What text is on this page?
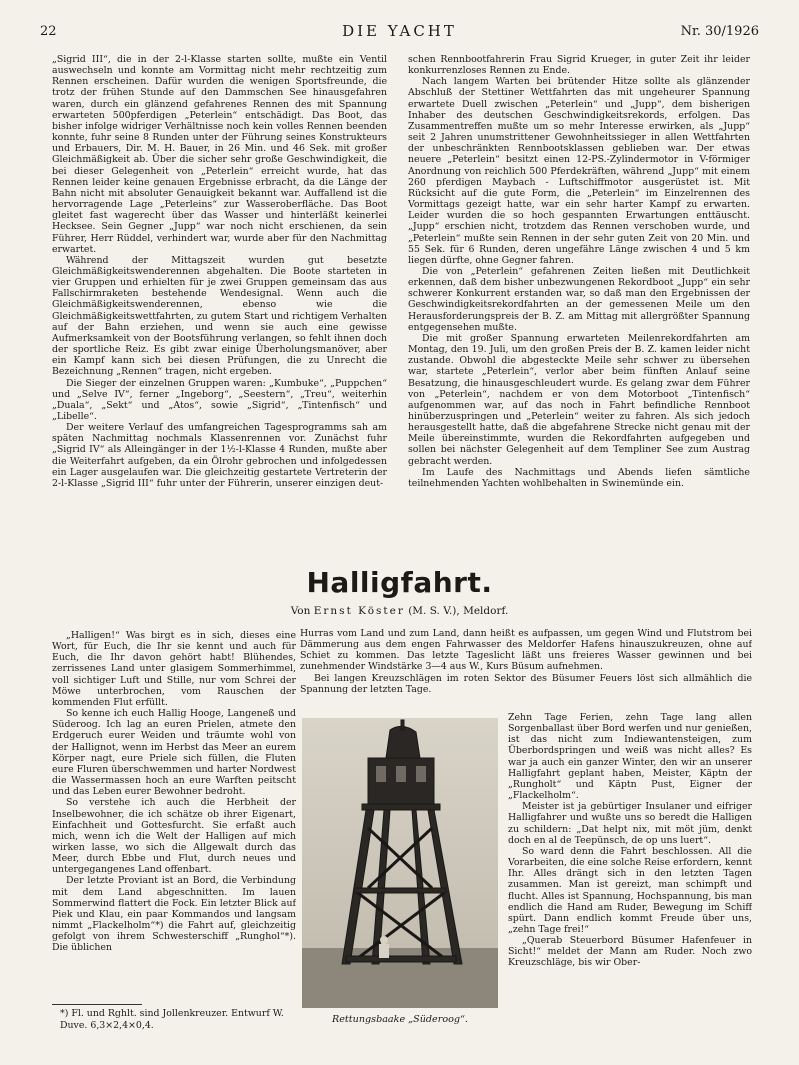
22	DIE YACHT	Nr. 30/1926

„Sigrid III“, die in der 2-l-Klasse starten sollte, mußte ein Ventil auswechseln und konnte am Vormittag nicht mehr rechtzeitig zum Rennen erscheinen. Dafür wurden die wenigen Sportsfreunde, die trotz der frühen Stunde auf den Dammschen See hinausgefahren waren, durch ein glänzend gefahrenes Rennen des mit Spannung erwarteten 500pferdigen „Peterlein“ entschädigt. Das Boot, das bisher infolge widriger Verhältnisse noch kein volles Rennen beenden konnte, fuhr seine 8 Runden unter der Führung seines Konstrukteurs und Erbauers, Dir. M. H. Bauer, in 26 Min. und 46 Sek. mit großer Gleichmäßigkeit ab. Über die sicher sehr große Geschwindigkeit, die bei dieser Gelegenheit von „Peterlein“ erreicht wurde, hat das Rennen leider keine genauen Ergebnisse erbracht, da die Länge der Bahn nicht mit absoluter Genauigkeit bekannt war. Auffallend ist die hervorragende Lage „Peterleins“ zur Wasseroberfläche. Das Boot gleitet fast wagerecht über das Wasser und hinterläßt keinerlei Hecksee. Sein Gegner „Jupp“ war noch nicht erschienen, da sein Führer, Herr Rüddel, verhindert war, wurde aber für den Nachmittag erwartet.

Während der Mittagszeit wurden gut besetzte Gleichmäßigkeitswenderennen abgehalten. Die Boote starteten in vier Gruppen und erhielten für je zwei Gruppen gemeinsam das aus Fallschirmraketen bestehende Wendesignal. Wenn auch die Gleichmäßigkeitswenderennen, ebenso wie die Gleichmäßigkeitswettfahrten, zu gutem Start und richtigem Verhalten auf der Bahn erziehen, und wenn sie auch eine gewisse Aufmerksamkeit von der Bootsführung verlangen, so fehlt ihnen doch der sportliche Reiz. Es gibt zwar einige Überholungsmanöver, aber ein Kampf kann sich bei diesen Prüfungen, die zu Unrecht die Bezeichnung „Rennen“ tragen, nicht ergeben.

Die Sieger der einzelnen Gruppen waren: „Kumbuke“, „Puppchen“ und „Selve IV“, ferner „Ingeborg“, „Seestern“, „Treu“, weiterhin „Duala“, „Sekt“ und „Atos“, sowie „Sigrid“, „Tintenfisch“ und „Libelle“.

Der weitere Verlauf des umfangreichen Tagesprogramms sah am späten Nachmittag nochmals Klassenrennen vor. Zunächst fuhr „Sigrid IV“ als Alleingänger in der 1½-l-Klasse 4 Runden, mußte aber die Weiterfahrt aufgeben, da ein Ölrohr gebrochen und infolgedessen ein Lager ausgelaufen war. Die gleichzeitig gestartete Vertreterin der 2-l-Klasse „Sigrid III“ fuhr unter der Führerin, unserer einzigen deut-

schen Rennbootfahrerin Frau Sigrid Krueger, in guter Zeit ihr leider konkurrenzloses Rennen zu Ende.

Nach langem Warten bei brütender Hitze sollte als glänzender Abschluß der Stettiner Wettfahrten das mit ungeheurer Spannung erwartete Duell zwischen „Peterlein“ und „Jupp“, dem bisherigen Inhaber des deutschen Geschwindigkeitsrekords, erfolgen. Das Zusammentreffen mußte um so mehr Interesse erwirken, als „Jupp“ seit 2 Jahren unumstrittener Gewohnheitssieger in allen Wettfahrten der unbeschränkten Rennbootsklassen geblieben war. Der etwas neuere „Peterlein“ besitzt einen 12-PS.-Zylindermotor in V-förmiger Anordnung von reichlich 500 Pferdekräften, während „Jupp“ mit einem 260 pferdigen Maybach - Luftschiffmotor ausgerüstet ist. Mit Rücksicht auf die gute Form, die „Peterlein“ im Einzelrennen des Vormittags gezeigt hatte, war ein sehr harter Kampf zu erwarten. Leider wurden die so hoch gespannten Erwartungen enttäuscht. „Jupp“ erschien nicht, trotzdem das Rennen verschoben wurde, und „Peterlein“ mußte sein Rennen in der sehr guten Zeit von 20 Min. und 55 Sek. für 6 Runden, deren ungefähre Länge zwischen 4 und 5 km liegen dürfte, ohne Gegner fahren.

Die von „Peterlein“ gefahrenen Zeiten ließen mit Deutlichkeit erkennen, daß dem bisher unbezwungenen Rekordboot „Jupp“ ein sehr schwerer Konkurrent erstanden war, so daß man den Ergebnissen der Geschwindigkeitsrekordfahrten an der gemessenen Meile um den Herausforderungspreis der B. Z. am Mittag mit allergrößter Spannung entgegensehen mußte.

Die mit großer Spannung erwarteten Meilenrekordfahrten am Montag, den 19. Juli, um den großen Preis der B. Z. kamen leider nicht zustande. Obwohl die abgesteckte Meile sehr schwer zu übersehen war, startete „Peterlein“, verlor aber beim fünften Anlauf seine Besatzung, die hinausgeschleudert wurde. Es gelang zwar dem Führer von „Peterlein“, nachdem er von dem Motorboot „Tintenfisch“ aufgenommen war, auf das noch in Fahrt befindliche Rennboot hinüberzuspringen und „Peterlein“ weiter zu fahren. Als sich jedoch herausgestellt hatte, daß die abgefahrene Strecke nicht genau mit der Meile übereinstimmte, wurden die Rekordfahrten aufgegeben und sollen bei nächster Gelegenheit auf dem Templiner See zum Austrag gebracht werden.

Im Laufe des Nachmittags und Abends liefen sämtliche teilnehmenden Yachten wohlbehalten in Swinemünde ein.

Halligfahrt.
Von Ernst Köster (M. S. V.), Meldorf.

„Halligen!“ Was birgt es in sich, dieses eine Wort, für Euch, die Ihr sie kennt und auch für Euch, die Ihr davon gehört habt! Blühendes, zerrissenes Land unter glasigem Sommerhimmel, voll sichtiger Luft und Stille, nur vom Schrei der Möwe unterbrochen, vom Rauschen der kommenden Flut erfüllt.

So kenne ich euch Hallig Hooge, Langeneß und Süderoog. Ich lag an euren Prielen, atmete den Erdgeruch eurer Weiden und träumte wohl von der Hallignot, wenn im Herbst das Meer an eurem Körper nagt, eure Priele sich füllen, die Fluten eure Fluren überschwemmen und harter Nordwest die Wassermassen hoch an eure Warften peitscht und das Leben eurer Bewohner bedroht.

So verstehe ich auch die Herbheit der Inselbewohner, die ich schätze ob ihrer Eigenart, Einfachheit und Gottesfurcht. Sie erfaßt auch mich, wenn ich die Welt der Halligen auf mich wirken lasse, wo sich die Allgewalt durch das Meer, durch Ebbe und Flut, durch neues und untergegangenes Land offenbart.

Der letzte Proviant ist an Bord, die Verbindung mit dem Land abgeschnitten. Im lauen Sommerwind flattert die Fock. Ein letzter Blick auf Piek und Klau, ein paar Kommandos und langsam nimmt „Flackelholm“*) die Fahrt auf, gleichzeitig gefolgt von ihrem Schwesterschiff „Runghol“*). Die üblichen

Hurras vom Land und zum Land, dann heißt es aufpassen, um gegen Wind und Flutstrom bei Dämmerung aus dem engen Fahrwasser des Meldorfer Hafens hinauszukreuzen, ohne auf Schiet zu kommen. Das letzte Tageslicht läßt uns freieres Wasser gewinnen und bei zunehmender Windstärke 3—4 aus W., Kurs Büsum aufnehmen.

Bei langen Kreuzschlägen im roten Sektor des Büsumer Feuers löst sich allmählich die Spannung der letzten Tage.

Zehn Tage Ferien, zehn Tage lang allen Sorgenballast über Bord werfen und nur genießen, ist das nicht zum Indiewantensteigen, zum Überbordspringen und weiß was nicht alles? Es war ja auch ein ganzer Winter, den wir an unserer Halligfahrt geplant haben, Meister, Käptn der „Rungholt“ und Käptn Pust, Eigner der „Flackelholm“.

Meister ist ja gebürtiger Insulaner und eifriger Halligfahrer und wußte uns so beredt die Halligen zu schildern: „Dat helpt nix, mit möt jüm, denkt doch en al de Teepünsch, de op uns luert“.

So ward denn die Fahrt beschlossen. All die Vorarbeiten, die eine solche Reise erfordern, kennt Ihr. Alles drängt sich in den letzten Tagen zusammen. Man ist gereizt, man schimpft und flucht. Alles ist Spannung, Hochspannung, bis man endlich die Hand am Ruder, Bewegung im Schiff spürt. Dann endlich kommt Freude über uns, „zehn Tage frei!“

„Querab Steuerbord Büsumer Hafenfeuer in Sicht!“ meldet der Mann am Ruder. Noch zwo Kreuzschläge, bis wir Ober-

Rettungsbaake „Süderoog“.
*) Fl. und Rghlt. sind Jollenkreuzer. Entwurf W. Duve. 6,3×2,4×0,4.
